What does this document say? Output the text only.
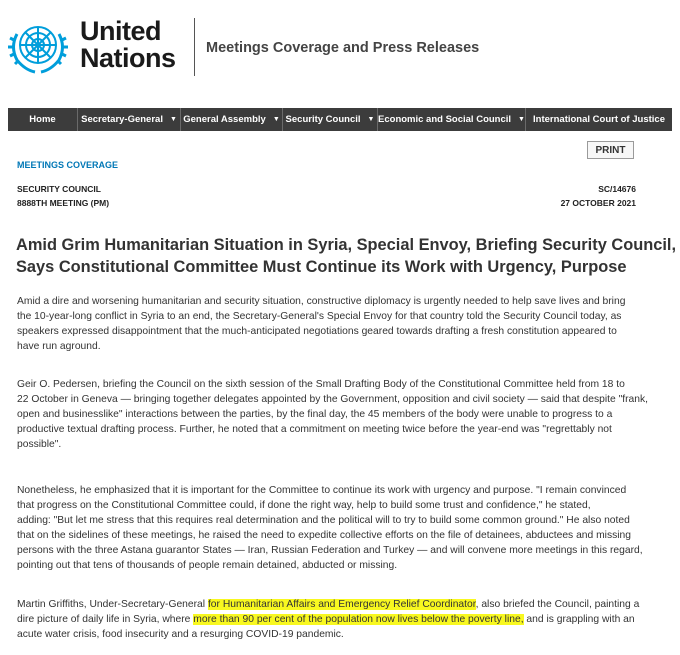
United
Nations Meetings Coverage and Press Releases
Home	Secretary-General ▼ General Assembly ▼ Security Council ▼ Economic and Social Council ▼ International Court of Justice
MEETINGS COVERAGE
PRINT
SECURITY COUNCIL
8888TH MEETING (PM)
SC/14676
27 OCTOBER 2021
Amid Grim Humanitarian Situation in Syria, Special Envoy, Briefing Security Council,
Says Constitutional Committee Must Continue its Work with Urgency, Purpose
Amid a dire and worsening humanitarian and security situation, constructive diplomacy is urgently needed to help save lives and bring
the 10-year-long conflict in Syria to an end, the Secretary-General's Special Envoy for that country told the Security Council today, as
speakers expressed disappointment that the much-anticipated negotiations geared towards drafting a fresh constitution appeared to
have run aground.
Geir O. Pedersen, briefing the Council on the sixth session of the Small Drafting Body of the Constitutional Committee held from 18 to
22 October in Geneva — bringing together delegates appointed by the Government, opposition and civil society — said that despite "frank,
open and businesslike" interactions between the parties, by the final day, the 45 members of the body were unable to progress to a
productive textual drafting process. Further, he noted that a commitment on meeting twice before the year-end was "regrettably not
possible".
Nonetheless, he emphasized that it is important for the Committee to continue its work with urgency and purpose. "I remain convinced
that progress on the Constitutional Committee could, if done the right way, help to build some trust and confidence," he stated,
adding: "But let me stress that this requires real determination and the political will to try to build some common ground." He also noted
that on the sidelines of these meetings, he raised the need to expedite collective efforts on the file of detainees, abductees and missing
persons with the three Astana guarantor States — Iran, Russian Federation and Turkey — and will convene more meetings in this regard,
pointing out that tens of thousands of people remain detained, abducted or missing.
Martin Griffiths, Under-Secretary-General for Humanitarian Affairs and Emergency Relief Coordinator, also briefed the Council, painting a
dire picture of daily life in Syria, where more than 90 per cent of the population now lives below the poverty line, and is grappling with an
acute water crisis, food insecurity and a resurging COVID-19 pandemic.
